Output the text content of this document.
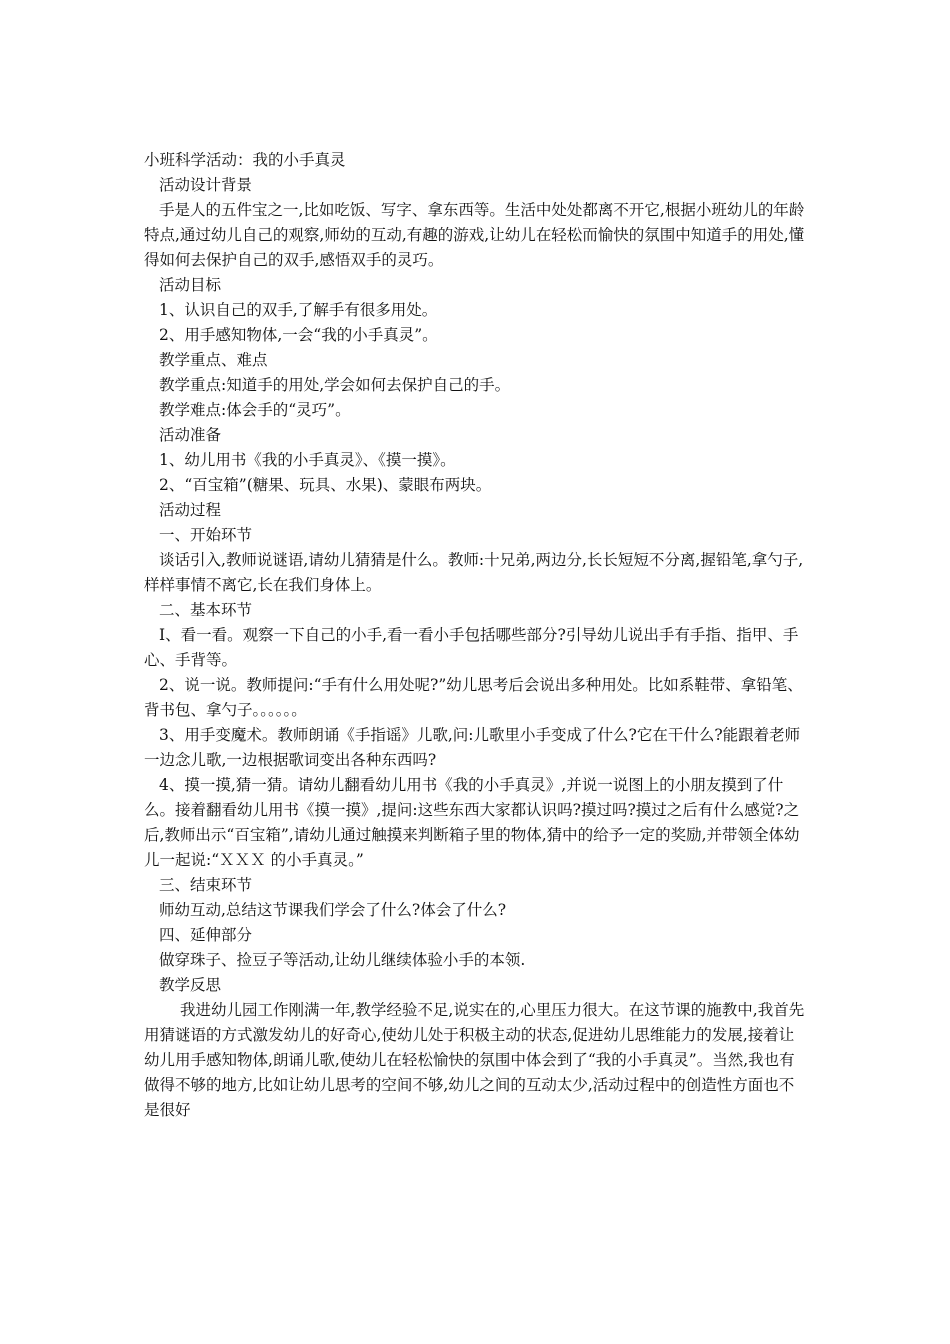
小班科学活动：我的小手真灵

活动设计背景

手是人的五件宝之一,比如吃饭、写字、拿东西等。生活中处处都离不开它,根据小班幼儿的年龄特点,通过幼儿自己的观察,师幼的互动,有趣的游戏,让幼儿在轻松而愉快的氛围中知道手的用处,懂得如何去保护自己的双手,感悟双手的灵巧。

活动目标

1、认识自己的双手,了解手有很多用处。

2、用手感知物体,一会“我的小手真灵”。

教学重点、难点

教学重点:知道手的用处,学会如何去保护自己的手。

教学难点:体会手的“灵巧”。

活动准备

1、幼儿用书《我的小手真灵》、《摸一摸》。

2、“百宝箱”(糖果、玩具、水果)、蒙眼布两块。

活动过程

一、开始环节

谈话引入,教师说谜语,请幼儿猜猜是什么。教师:十兄弟,两边分,长长短短不分离,握铅笔,拿勺子,样样事情不离它,长在我们身体上。

二、基本环节

Ⅰ、看一看。观察一下自己的小手,看一看小手包括哪些部分?引导幼儿说出手有手指、指甲、手心、手背等。

2、说一说。教师提问:“手有什么用处呢?”幼儿思考后会说出多种用处。比如系鞋带、拿铅笔、背书包、拿勺子。。。。。。

3、用手变魔术。教师朗诵《手指谣》儿歌,问:儿歌里小手变成了什么?它在干什么?能跟着老师一边念儿歌,一边根据歌词变出各种东西吗?

4、摸一摸,猜一猜。请幼儿翻看幼儿用书《我的小手真灵》,并说一说图上的小朋友摸到了什么。接着翻看幼儿用书《摸一摸》,提问:这些东西大家都认识吗?摸过吗?摸过之后有什么感觉?之后,教师出示“百宝箱”,请幼儿通过触摸来判断箱子里的物体,猜中的给予一定的奖励,并带领全体幼儿一起说:“ＸＸＸ 的小手真灵。”

三、结束环节

师幼互动,总结这节课我们学会了什么?体会了什么?

四、延伸部分

做穿珠子、捡豆子等活动,让幼儿继续体验小手的本领.

教学反思

我进幼儿园工作刚满一年,教学经验不足,说实在的,心里压力很大。在这节课的施教中,我首先用猜谜语的方式激发幼儿的好奇心,使幼儿处于积极主动的状态,促进幼儿思维能力的发展,接着让幼儿用手感知物体,朗诵儿歌,使幼儿在轻松愉快的氛围中体会到了“我的小手真灵”。当然,我也有做得不够的地方,比如让幼儿思考的空间不够,幼儿之间的互动太少,活动过程中的创造性方面也不是很好
